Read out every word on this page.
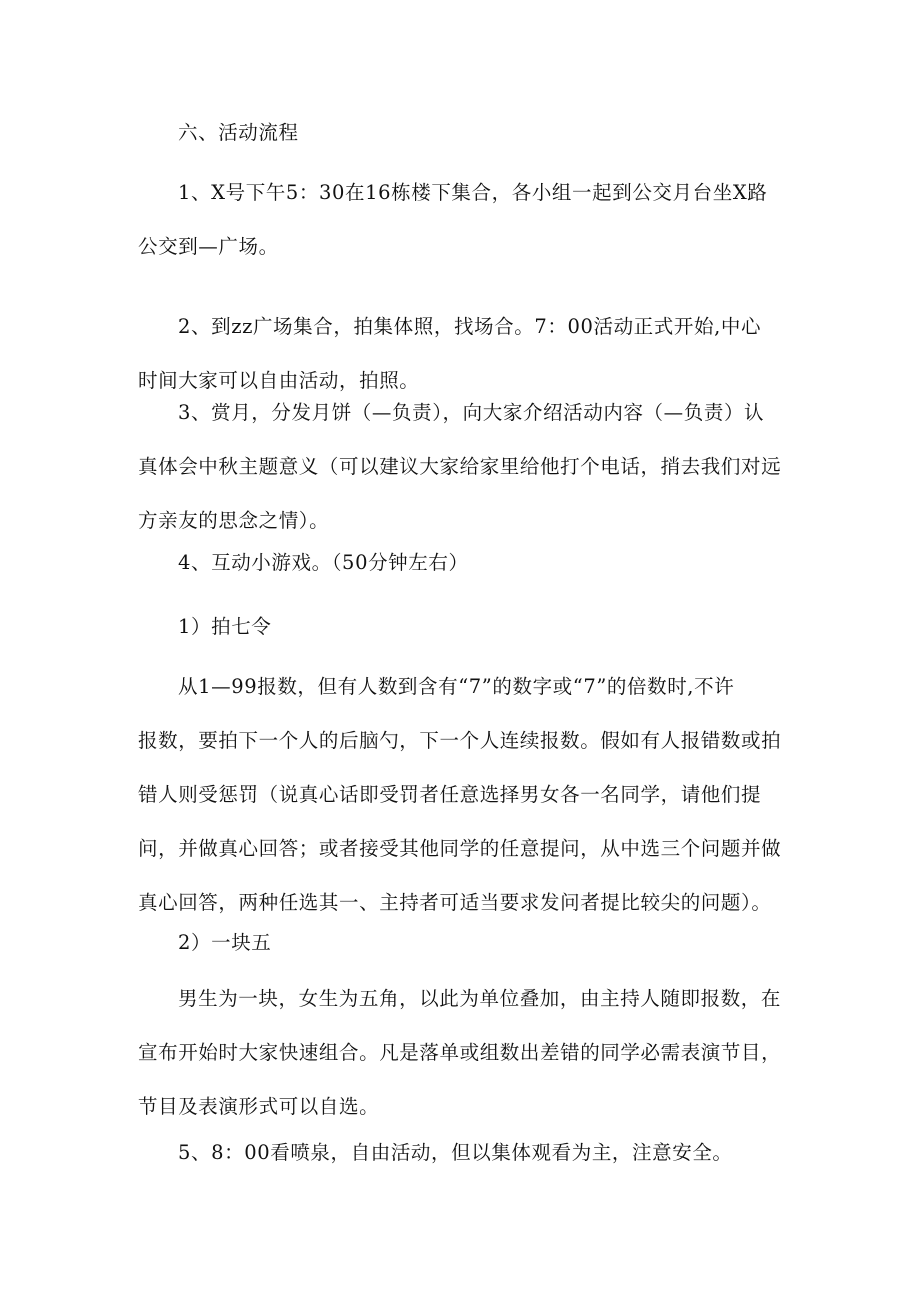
六、活动流程

1、X号下午5：30在16栋楼下集合，各小组一起到公交月台坐X路
公交到—广场。

2、到zz广场集合，拍集体照，找场合。7：00活动正式开始,中心
时间大家可以自由活动，拍照。

3、赏月，分发月饼（—负责），向大家介绍活动内容（—负责）认
真体会中秋主题意义（可以建议大家给家里给他打个电话，捎去我们对远
方亲友的思念之情）。

4、互动小游戏。（50分钟左右）

1）拍七令

从1—99报数，但有人数到含有“7”的数字或“7”的倍数时,不许
报数，要拍下一个人的后脑勺，下一个人连续报数。假如有人报错数或拍
错人则受惩罚（说真心话即受罚者任意选择男女各一名同学，请他们提
问，并做真心回答；或者接受其他同学的任意提问，从中选三个问题并做
真心回答，两种任选其一、主持者可适当要求发问者提比较尖的问题）。

2）一块五

男生为一块，女生为五角，以此为单位叠加，由主持人随即报数，在
宣布开始时大家快速组合。凡是落单或组数出差错的同学必需表演节目，
节目及表演形式可以自选。

5、8：00看喷泉，自由活动，但以集体观看为主，注意安全。
